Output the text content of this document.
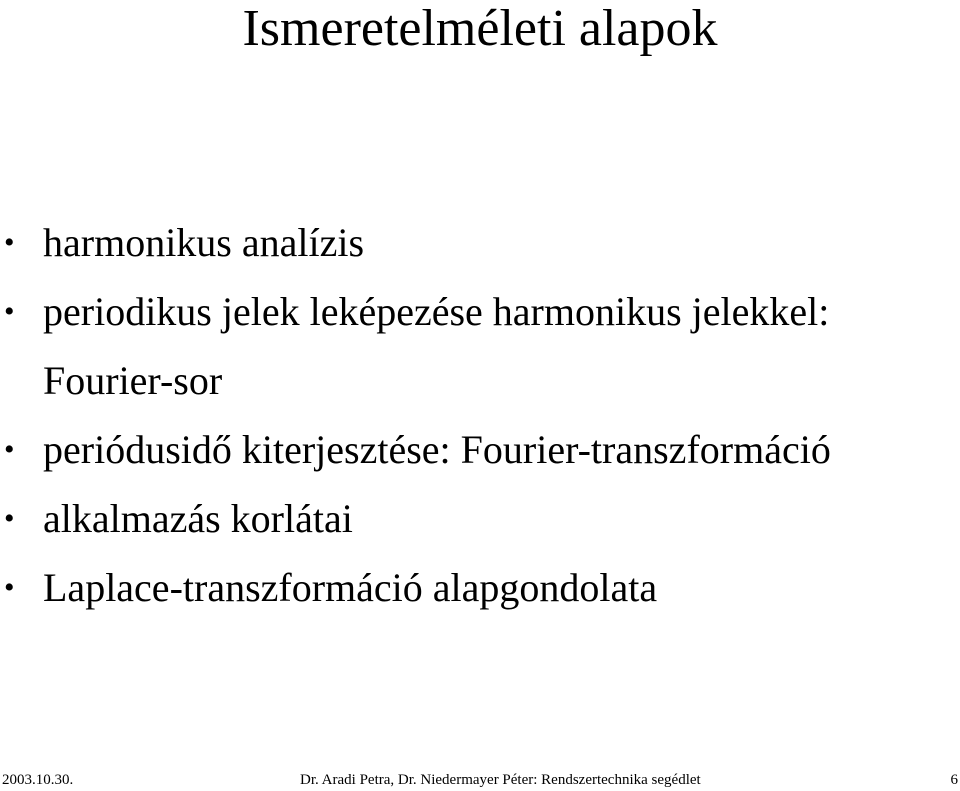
Ismeretelméleti alapok
• harmonikus analízis
• periodikus jelek leképezése harmonikus jelekkel: Fourier-sor
• periódusidő kiterjesztése: Fourier-transzformáció
• alkalmazás korlátai
• Laplace-transzformáció alapgondolata
2003.10.30.	Dr. Aradi Petra, Dr. Niedermayer Péter: Rendszertechnika segédlet	6
